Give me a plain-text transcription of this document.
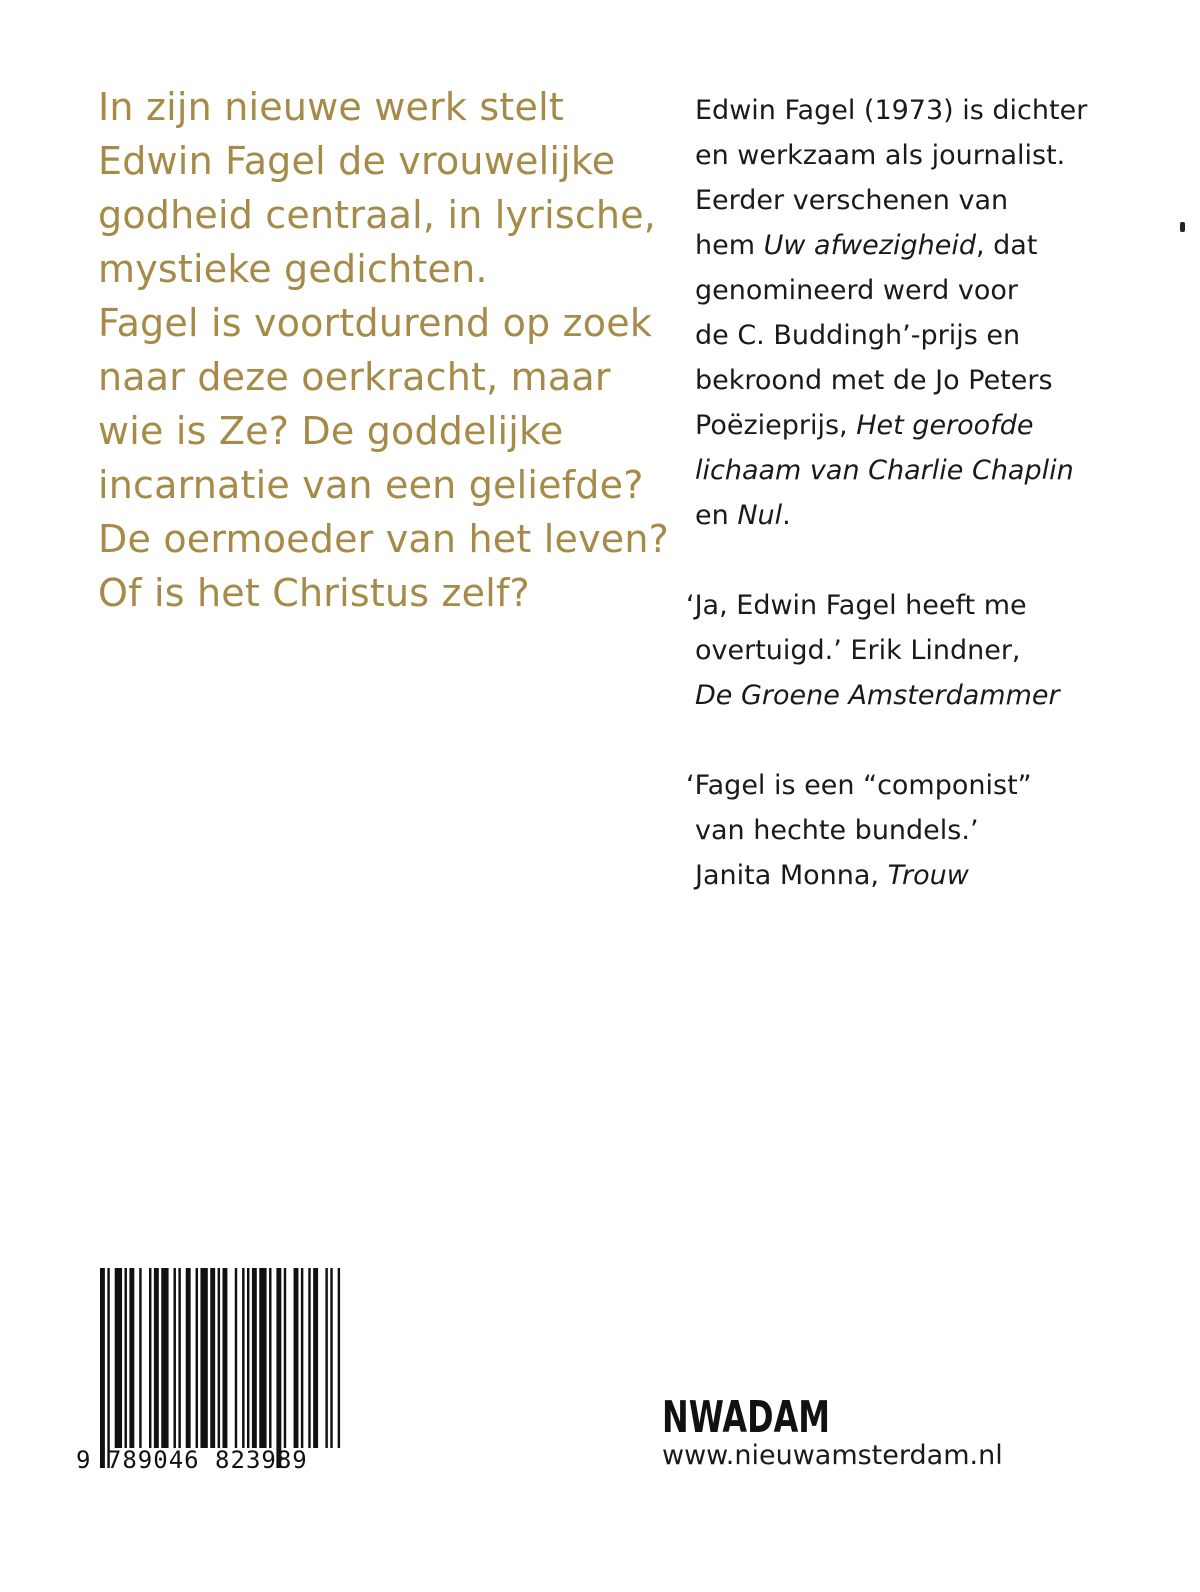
In zijn nieuwe werk stelt
Edwin Fagel de vrouwelijke
godheid centraal, in lyrische,
mystieke gedichten.
Fagel is voortdurend op zoek
naar deze oerkracht, maar
wie is Ze? De goddelijke
incarnatie van een geliefde?
De oermoeder van het leven?
Of is het Christus zelf?
Edwin Fagel (1973) is dichter
en werkzaam als journalist.
Eerder verschenen van
hem Uw afwezigheid, dat
genomineerd werd voor
de C. Buddingh’-prijs en
bekroond met de Jo Peters
Poëzieprijs, Het geroofde
lichaam van Charlie Chaplin
en Nul.
‘Ja, Edwin Fagel heeft me
overtuigd.’ Erik Lindner,
De Groene Amsterdammer
‘Fagel is een “componist”
van hechte bundels.’
Janita Monna, Trouw
9 789046 823989
NWADAM
www.nieuwamsterdam.nl
